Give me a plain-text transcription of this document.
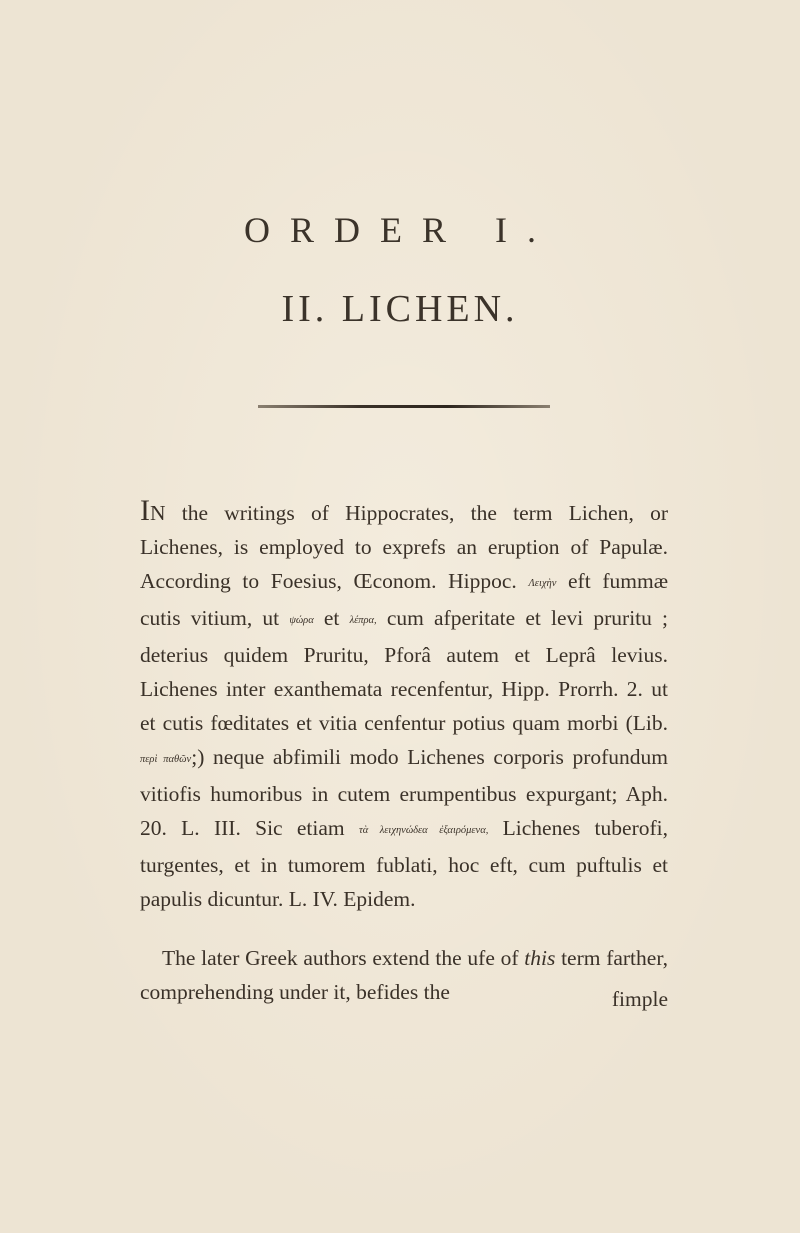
ORDER I.
II. LICHEN.

IN the writings of Hippocrates, the term Lichen, or Lichenes, is employed to exprefs an eruption of Papulæ. According to Foesius, Œconom. Hippoc. Λειχὴν eft fummæ cutis vitium, ut ψώρα et λέπρα, cum afperitate et levi pruritu ; deterius quidem Pruritu, Pforâ autem et Leprâ levius. Lichenes inter exanthemata recenfentur, Hipp. Prorrh. 2. ut et cutis fœditates et vitia cenfentur potius quam morbi (Lib. περὶ παθῶν;) neque abfimili modo Lichenes corporis profundum vitiofis humoribus in cutem erumpentibus expurgant; Aph. 20. L. III. Sic etiam τὰ λειχηνώδεα ἐξαιρόμενα, Lichenes tuberofi, turgentes, et in tumorem fublati, hoc eft, cum puftulis et papulis dicuntur. L. IV. Epidem.

The later Greek authors extend the ufe of this term farther, comprehending under it, befides the	fimple
